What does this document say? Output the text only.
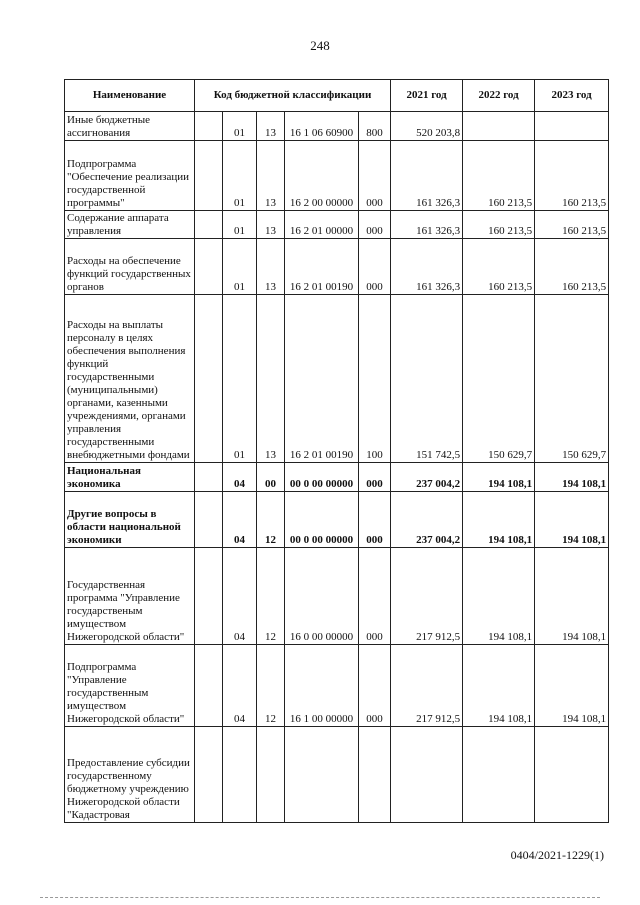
248
Наименование	Код бюджетной классификации					2021 год	2022 год	2023 год
Иные бюджетные ассигнования		01	13	16 1 06 60900	800	520 203,8		
Подпрограмма "Обеспечение реализации государственной программы"		01	13	16 2 00 00000	000	161 326,3	160 213,5	160 213,5
Содержание аппарата управления		01	13	16 2 01 00000	000	161 326,3	160 213,5	160 213,5
Расходы на обеспечение функций государственных органов		01	13	16 2 01 00190	000	161 326,3	160 213,5	160 213,5
Расходы на выплаты персоналу в целях обеспечения выполнения функций государственными (муниципальными) органами, казенными учреждениями, органами управления государственными внебюджетными фондами		01	13	16 2 01 00190	100	151 742,5	150 629,7	150 629,7
Национальная экономика		04	00	00 0 00 00000	000	237 004,2	194 108,1	194 108,1
Другие вопросы в области национальной экономики		04	12	00 0 00 00000	000	237 004,2	194 108,1	194 108,1
Государственная программа "Управление государственым имуществом Нижегородской области"		04	12	16 0 00 00000	000	217 912,5	194 108,1	194 108,1
Подпрограмма "Управление государственным имуществом Нижегородской области"		04	12	16 1 00 00000	000	217 912,5	194 108,1	194 108,1
Предоставление субсидии государственному бюджетному учреждению Нижегородской области "Кадастровая								
0404/2021-1229(1)
